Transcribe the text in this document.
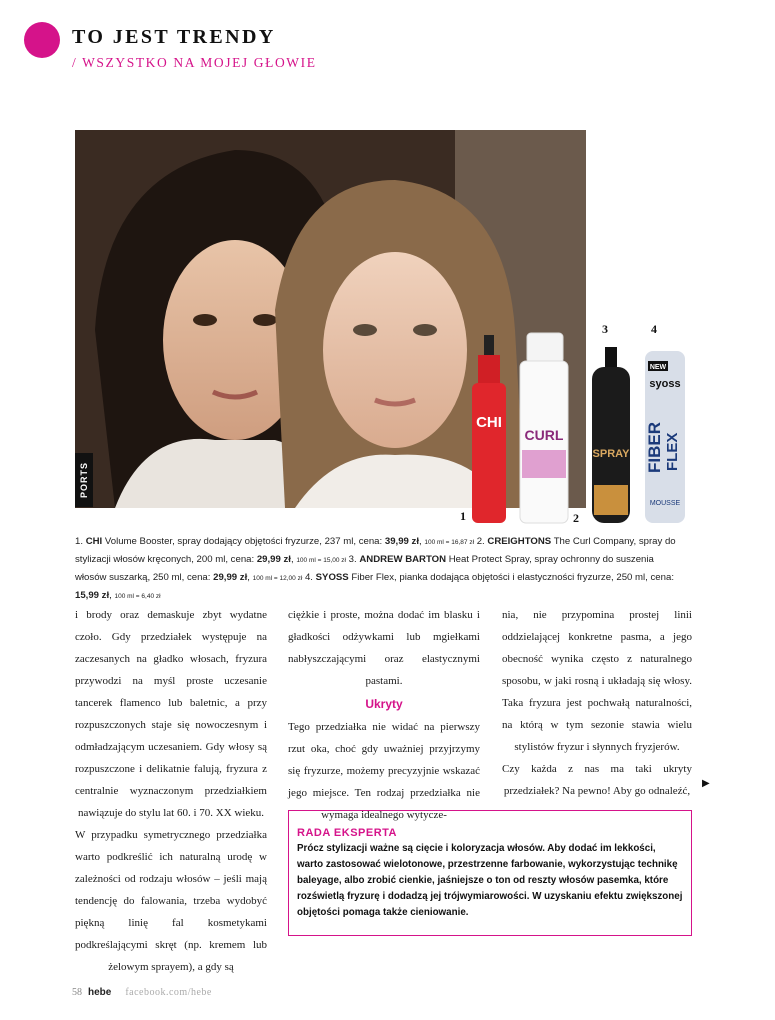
TO JEST TRENDY
/ WSZYSTKO NA MOJEJ GŁOWIE
PORTS
CHI
CURL
SPRAY
NEW
syoss
FIBER FLEX
MOUSSE
1	2
3	4
1. CHI Volume Booster, spray dodający objętości fryzurze, 237 ml, cena: 39,99 zł, 100 ml = 16,87 zł 2. CREIGHTONS The Curl Company, spray do stylizacji włosów kręconych, 200 ml, cena: 29,99 zł, 100 ml = 15,00 zł 3. ANDREW BARTON Heat Protect Spray, spray ochronny do suszenia włosów suszarką, 250 ml, cena: 29,99 zł, 100 ml = 12,00 zł 4. SYOSS Fiber Flex, pianka dodająca objętości i elastyczności fryzurze, 250 ml, cena: 15,99 zł, 100 ml = 6,40 zł

i brody oraz demaskuje zbyt wydatne czoło. Gdy przedziałek występuje na zaczesanych na gładko włosach, fryzura przywodzi na myśl proste uczesanie tancerek flamenco lub baletnic, a przy rozpuszczonych staje się nowoczesnym i odmładzającym uczesaniem. Gdy włosy są rozpuszczone i delikatnie falują, fryzura z centralnie wyznaczonym przedziałkiem nawiązuje do stylu lat 60. i 70. XX wieku.

W przypadku symetrycznego przedziałka warto podkreślić ich naturalną urodę w zależności od rodzaju włosów – jeśli mają tendencję do falowania, trzeba wydobyć piękną linię fal kosmetykami podkreślającymi skręt (np. kremem lub żelowym sprayem), a gdy są

ciężkie i proste, można dodać im blasku i gładkości odżywkami lub mgiełkami nabłyszczającymi oraz elastycznymi pastami.

Ukryty

Tego przedziałka nie widać na pierwszy rzut oka, choć gdy uważniej przyjrzymy się fryzurze, możemy precyzyjnie wskazać jego miejsce. Ten rodzaj przedziałka nie wymaga idealnego wytycze-

nia, nie przypomina prostej linii oddzielającej konkretne pasma, a jego obecność wynika często z naturalnego sposobu, w jaki rosną i układają się włosy. Taka fryzura jest pochwałą naturalności, na którą w tym sezonie stawia wielu stylistów fryzur i słynnych fryzjerów.

Czy każda z nas ma taki ukryty przedziałek? Na pewno! Aby go odnaleźć,

▶
RADA EKSPERTA
Prócz stylizacji ważne są cięcie i koloryzacja włosów. Aby dodać im lekkości, warto zastosować wielotonowe, przestrzenne farbowanie, wykorzystując technikę baleyage, albo zrobić cienkie, jaśniejsze o ton od reszty włosów pasemka, które rozświetlą fryzurę i dodadzą jej trójwymiarowości. W uzyskaniu efektu zwiększonej objętości pomaga także cieniowanie.
58 hebe facebook.com/hebe
